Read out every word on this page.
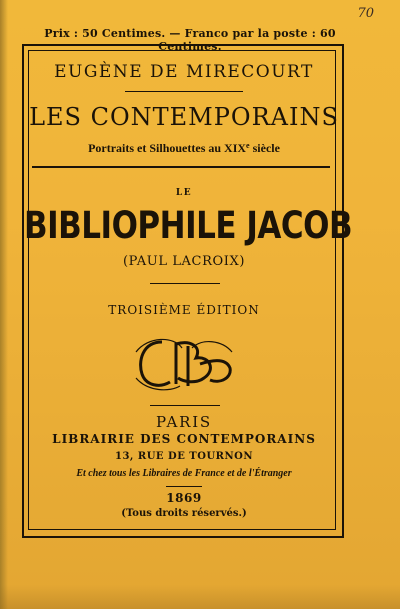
70
Prix : 50 Centimes. — Franco par la poste : 60 Centimes.
EUGÈNE DE MIRECOURT
LES CONTEMPORAINS
Portraits et Silhouettes au XIXe siècle
LE
BIBLIOPHILE JACOB
(PAUL LACROIX)
TROISIÈME ÉDITION
PARIS
LIBRAIRIE DES CONTEMPORAINS
13, RUE DE TOURNON
Et chez tous les Libraires de France et de l'Étranger
1869
(Tous droits réservés.)
